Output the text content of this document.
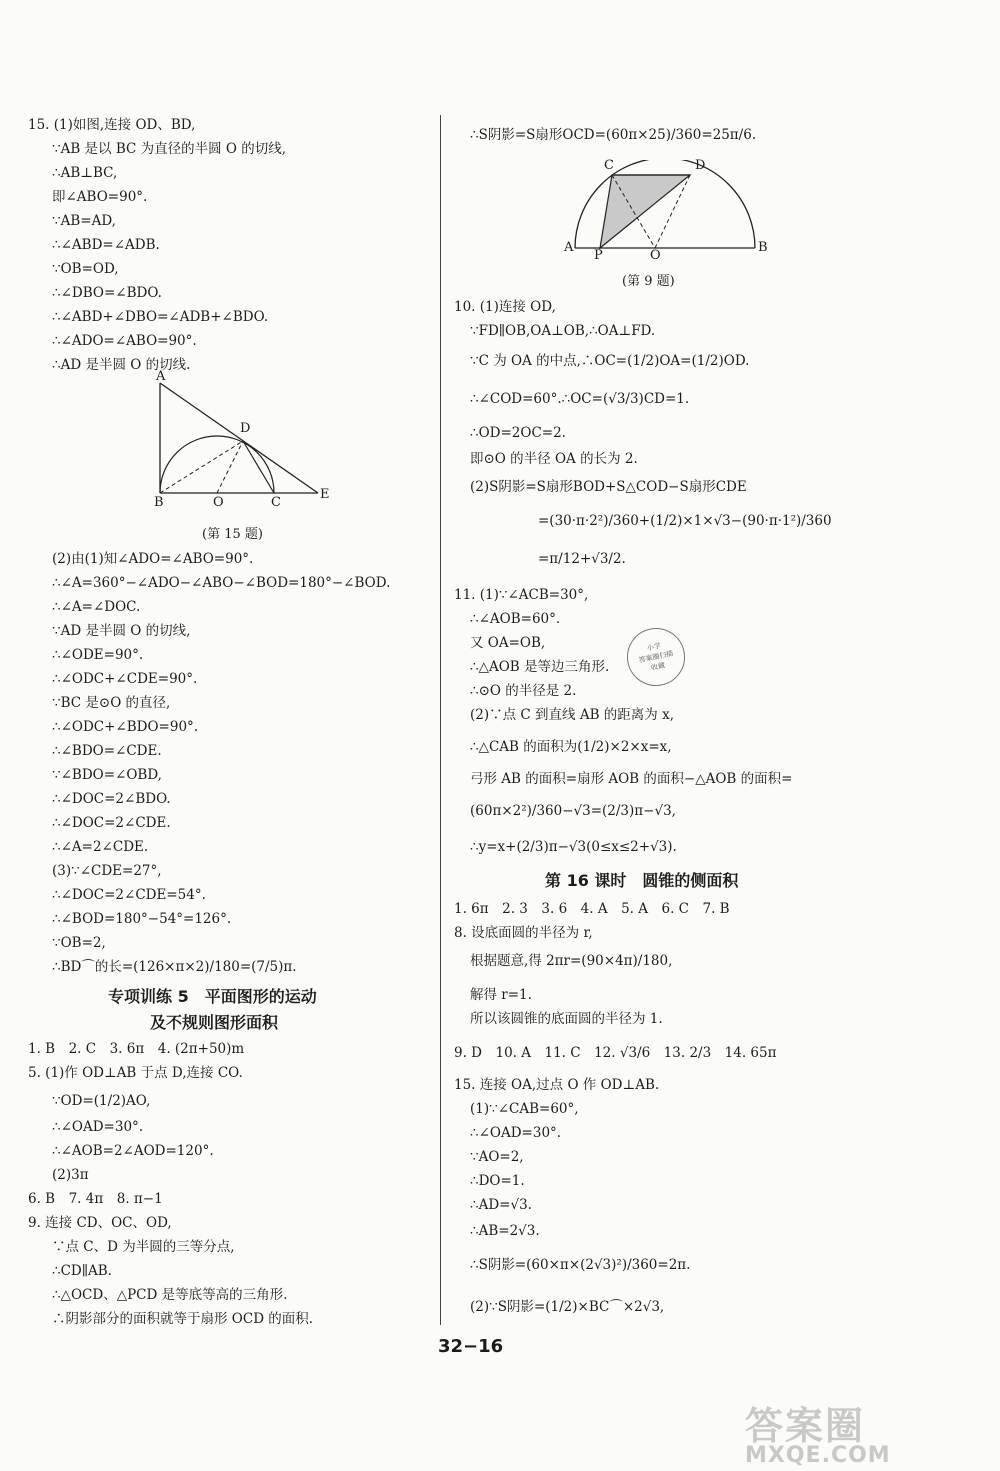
15. (1)如图,连接 OD、BD,
∵AB 是以 BC 为直径的半圆 O 的切线,
∴AB⊥BC,
即∠ABO=90°.
∵AB=AD,
∴∠ABD=∠ADB.
∵OB=OD,
∴∠DBO=∠BDO.
∴∠ABD+∠DBO=∠ADB+∠BDO.
∴∠ADO=∠ABO=90°.
∴AD 是半圆 O 的切线.
A
D
B	O	C
E
(第 15 题)
(2)由(1)知∠ADO=∠ABO=90°.
∴∠A=360°−∠ADO−∠ABO−∠BOD=180°−∠BOD.
∴∠A=∠DOC.
∵AD 是半圆 O 的切线,
∴∠ODE=90°.
∴∠ODC+∠CDE=90°.
∵BC 是⊙O 的直径,
∴∠ODC+∠BDO=90°.
∴∠BDO=∠CDE.
∵∠BDO=∠OBD,
∴∠DOC=2∠BDO.
∴∠DOC=2∠CDE.
∴∠A=2∠CDE.
(3)∵∠CDE=27°,
∴∠DOC=2∠CDE=54°.
∴∠BOD=180°−54°=126°.
∵OB=2,
∴BD⌒的长=(126×π×2)/180=(7/5)π.
专项训练 5　平面图形的运动
及不规则图形面积
1. B　2. C　3. 6π　4. (2π+50)m
5. (1)作 OD⊥AB 于点 D,连接 CO.
∵OD=(1/2)AO,
∴∠OAD=30°.
∴∠AOB=2∠AOD=120°.
(2)3π
6. B　7. 4π　8. π−1
9. 连接 CD、OC、OD,
∵点 C、D 为半圆的三等分点,
∴CD∥AB.
∴△OCD、△PCD 是等底等高的三角形.
∴阴影部分的面积就等于扇形 OCD 的面积.
∴S阴影=S扇形OCD=(60π×25)/360=25π/6.
C	D
A
P	O
B
(第 9 题)
10. (1)连接 OD,
∵FD∥OB,OA⊥OB,∴OA⊥FD.
∵C 为 OA 的中点,∴OC=(1/2)OA=(1/2)OD.
∴∠COD=60°.∴OC=(√3/3)CD=1.
∴OD=2OC=2.
即⊙O 的半径 OA 的长为 2.
(2)S阴影=S扇形BOD+S△COD−S扇形CDE
=(30·π·2²)/360+(1/2)×1×√3−(90·π·1²)/360
=π/12+√3/2.
11. (1)∵∠ACB=30°,
∴∠AOB=60°.
又 OA=OB,
∴△AOB 是等边三角形.
∴⊙O 的半径是 2.
(2)∵点 C 到直线 AB 的距离为 x,
∴△CAB 的面积为(1/2)×2×x=x,
弓形 AB 的面积=扇形 AOB 的面积−△AOB 的面积=
(60π×2²)/360−√3=(2/3)π−√3,
∴y=x+(2/3)π−√3(0≤x≤2+√3).
第 16 课时　圆锥的侧面积
1. 6π　2. 3　3. 6　4. A　5. A　6. C　7. B
8. 设底面圆的半径为 r,
根据题意,得 2πr=(90×4π)/180,
解得 r=1.
所以该圆锥的底面圆的半径为 1.
9. D　10. A　11. C　12. √3/6　13. 2/3　14. 65π
15. 连接 OA,过点 O 作 OD⊥AB.
(1)∵∠CAB=60°,
∴∠OAD=30°.
∵AO=2,
∴DO=1.
∴AD=√3.
∴AB=2√3.
∴S阴影=(60×π×(2√3)²)/360=2π.
(2)∵S阴影=(1/2)×BC⌒×2√3,
小学
答案圈扫描
收藏
32−16
答案圈
MXQE.COM
